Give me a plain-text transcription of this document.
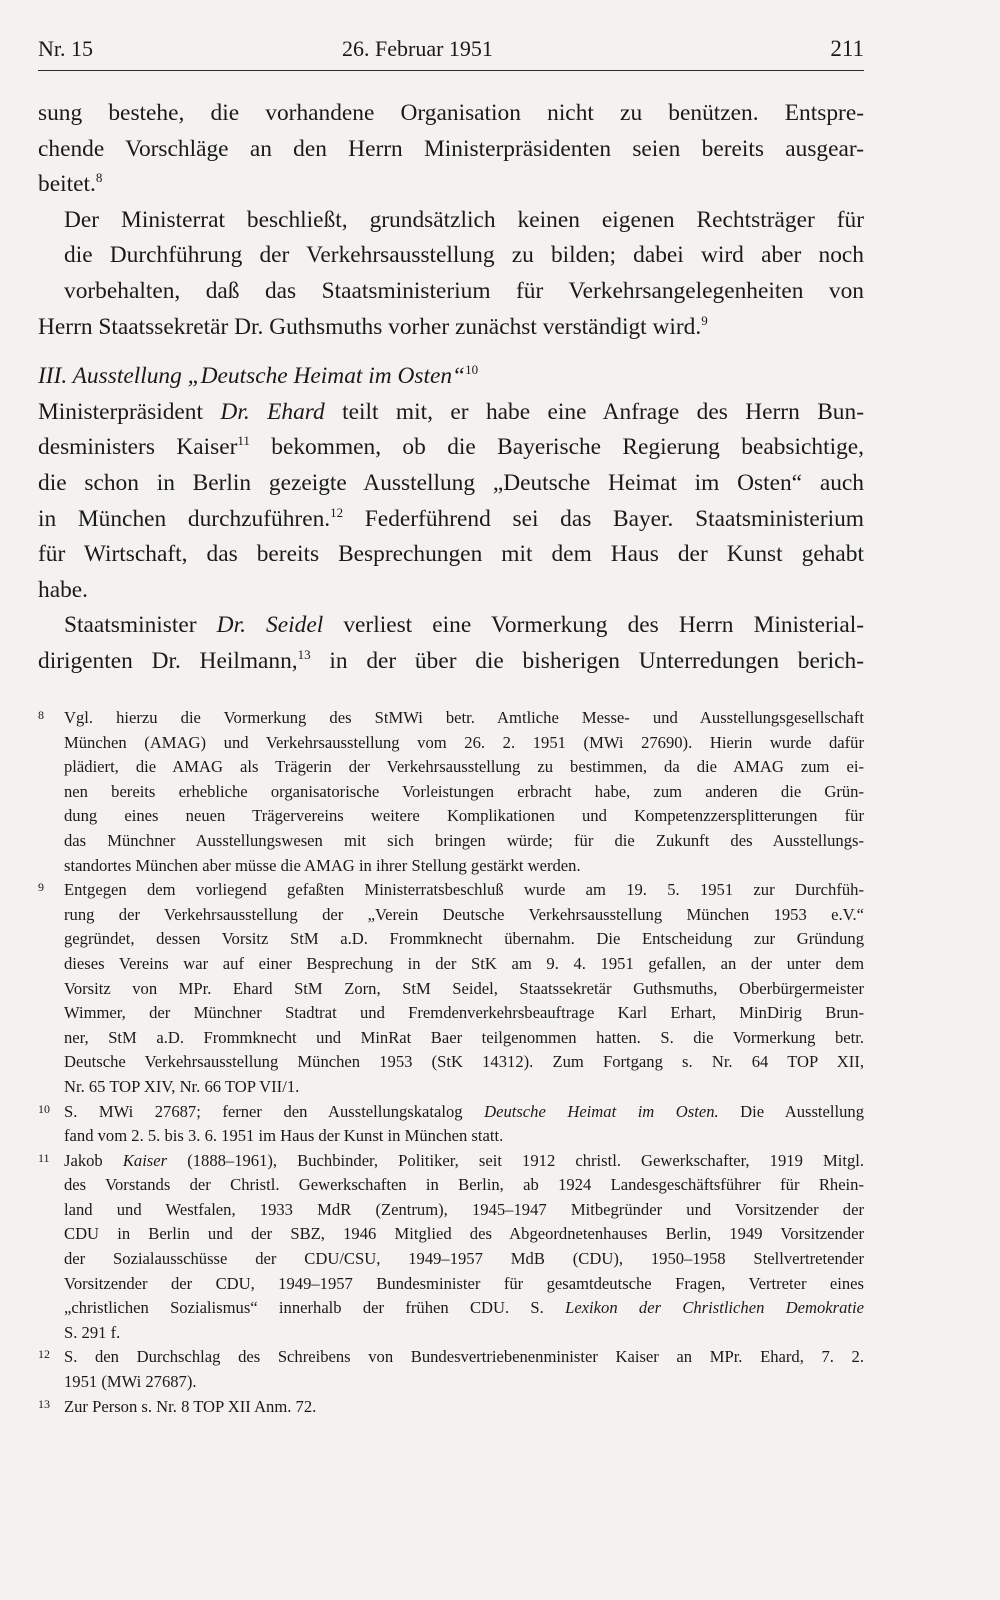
Nr. 15	26. Februar 1951	211

sung bestehe, die vorhandene Organisation nicht zu benützen. Entspre-
chende Vorschläge an den Herrn Ministerpräsidenten seien bereits ausgear-

beitet.$^8$

Der Ministerrat beschließt, grundsätzlich keinen eigenen Rechtsträger für
die Durchführung der Verkehrsausstellung zu bilden; dabei wird aber noch
vorbehalten, daß das Staatsministerium für Verkehrsangelegenheiten von

Herrn Staatssekretär Dr. Guthsmuths vorher zunächst verständigt wird.$^9$

III. Ausstellung „Deutsche Heimat im Osten“$^{10}$

Ministerpräsident Dr. Ehard teilt mit, er habe eine Anfrage des Herrn Bun-
desministers Kaiser$^{11}$ bekommen, ob die Bayerische Regierung beabsichtige,
die schon in Berlin gezeigte Ausstellung „Deutsche Heimat im Osten“ auch
in München durchzuführen.$^{12}$ Federführend sei das Bayer. Staatsministerium
für Wirtschaft, das bereits Besprechungen mit dem Haus der Kunst gehabt

habe.

Staatsminister Dr. Seidel verliest eine Vormerkung des Herrn Ministerial-

dirigenten Dr. Heilmann,$^{13}$ in der über die bisherigen Unterredungen berich-

8 Vgl. hierzu die Vormerkung des StMWi betr. Amtliche Messe- und Ausstellungsgesellschaft
München (AMAG) und Verkehrsausstellung vom 26. 2. 1951 (MWi 27690). Hierin wurde dafür
plädiert, die AMAG als Trägerin der Verkehrsausstellung zu bestimmen, da die AMAG zum ei-
nen bereits erhebliche organisatorische Vorleistungen erbracht habe, zum anderen die Grün-
dung eines neuen Trägervereins weitere Komplikationen und Kompetenzzersplitterungen für
das Münchner Ausstellungswesen mit sich bringen würde; für die Zukunft des Ausstellungs-
standortes München aber müsse die AMAG in ihrer Stellung gestärkt werden.
9 Entgegen dem vorliegend gefaßten Ministerratsbeschluß wurde am 19. 5. 1951 zur Durchfüh-
rung der Verkehrsausstellung der „Verein Deutsche Verkehrsausstellung München 1953 e.V.“
gegründet, dessen Vorsitz StM a.D. Frommknecht übernahm. Die Entscheidung zur Gründung
dieses Vereins war auf einer Besprechung in der StK am 9. 4. 1951 gefallen, an der unter dem
Vorsitz von MPr. Ehard StM Zorn, StM Seidel, Staatssekretär Guthsmuths, Oberbürgermeister
Wimmer, der Münchner Stadtrat und Fremdenverkehrsbeauftrage Karl Erhart, MinDirig Brun-
ner, StM a.D. Frommknecht und MinRat Baer teilgenommen hatten. S. die Vormerkung betr.
Deutsche Verkehrsausstellung München 1953 (StK 14312). Zum Fortgang s. Nr. 64 TOP XII,
Nr. 65 TOP XIV, Nr. 66 TOP VII/1.
10 S. MWi 27687; ferner den Ausstellungskatalog Deutsche Heimat im Osten. Die Ausstellung
fand vom 2. 5. bis 3. 6. 1951 im Haus der Kunst in München statt.
11 Jakob Kaiser (1888–1961), Buchbinder, Politiker, seit 1912 christl. Gewerkschafter, 1919 Mitgl.
des Vorstands der Christl. Gewerkschaften in Berlin, ab 1924 Landesgeschäftsführer für Rhein-
land und Westfalen, 1933 MdR (Zentrum), 1945–1947 Mitbegründer und Vorsitzender der
CDU in Berlin und der SBZ, 1946 Mitglied des Abgeordnetenhauses Berlin, 1949 Vorsitzender
der Sozialausschüsse der CDU/CSU, 1949–1957 MdB (CDU), 1950–1958 Stellvertretender
Vorsitzender der CDU, 1949–1957 Bundesminister für gesamtdeutsche Fragen, Vertreter eines
„christlichen Sozialismus“ innerhalb der frühen CDU. S. Lexikon der Christlichen Demokratie
S. 291 f.
12 S. den Durchschlag des Schreibens von Bundesvertriebenenminister Kaiser an MPr. Ehard, 7. 2.
1951 (MWi 27687).
13 Zur Person s. Nr. 8 TOP XII Anm. 72.
